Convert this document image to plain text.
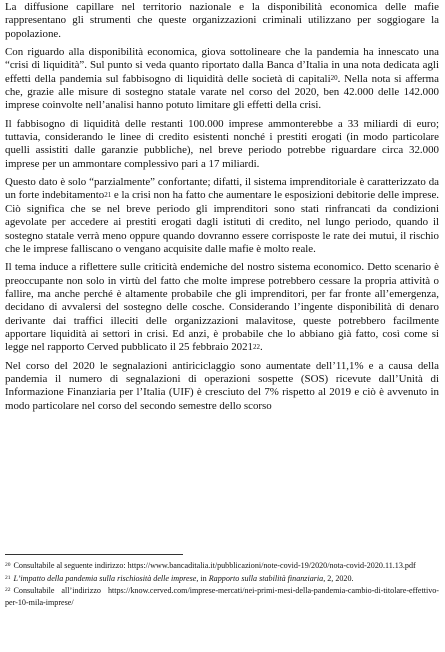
La diffusione capillare nel territorio nazionale e la disponibilità economica delle mafie rappresentano gli strumenti che queste organizzazioni criminali utilizzano per soggiogare la popolazione.

Con riguardo alla disponibilità economica, giova sottolineare che la pandemia ha innescato una “crisi di liquidità”. Sul punto si veda quanto riportato dalla Banca d’Italia in una nota dedicata agli effetti della pandemia sul fabbisogno di liquidità delle società di capitali$^{20}$. Nella nota si afferma che, grazie alle misure di sostegno statale varate nel corso del 2020, ben 42.000 delle 142.000 imprese coinvolte nell’analisi hanno potuto limitare gli effetti della crisi.

Il fabbisogno di liquidità delle restanti 100.000 imprese ammonterebbe a 33 miliardi di euro; tuttavia, considerando le linee di credito esistenti nonché i prestiti erogati (in modo particolare quelli assistiti dalle garanzie pubbliche), nel breve periodo potrebbe riguardare circa 32.000 imprese per un ammontare complessivo pari a 17 miliardi.

Questo dato è solo “parzialmente” confortante; difatti, il sistema imprenditoriale è caratterizzato da un forte indebitamento$^{21}$ e la crisi non ha fatto che aumentare le esposizioni debitorie delle imprese. Ciò significa che se nel breve periodo gli imprenditori sono stati rinfrancati da condizioni agevolate per accedere ai prestiti erogati dagli istituti di credito, nel lungo periodo, quando il sostegno statale verrà meno oppure quando dovranno essere corrisposte le rate dei mutui, il rischio che le imprese falliscano o vengano acquisite dalle mafie è molto reale.

Il tema induce a riflettere sulle criticità endemiche del nostro sistema economico. Detto scenario è preoccupante non solo in virtù del fatto che molte imprese potrebbero cessare la propria attività o fallire, ma anche perché è altamente probabile che gli imprenditori, per far fronte all’emergenza, decidano di avvalersi del sostegno delle cosche. Considerando l’ingente disponibilità di denaro derivante dai traffici illeciti delle organizzazioni malavitose, queste potrebbero facilmente apportare liquidità ai settori in crisi. Ed anzi, è probabile che lo abbiano già fatto, così come si legge nel rapporto Cerved pubblicato il 25 febbraio 2021$^{22}$.

Nel corso del 2020 le segnalazioni antiriciclaggio sono aumentate dell’11,1% e a causa della pandemia il numero di segnalazioni di operazioni sospette (SOS) ricevute dall’Unità di Informazione Finanziaria per l’Italia (UIF) è cresciuto del 7% rispetto al 2019 e ciò è avvenuto in modo particolare nel corso del secondo semestre dello scorso

$^{20}$ Consultabile al seguente indirizzo: https://www.bancaditalia.it/pubblicazioni/note-covid-19/2020/nota-covid-2020.11.13.pdf

$^{21}$ L’impatto della pandemia sulla rischiosità delle imprese, in Rapporto sulla stabilità finanziaria, 2, 2020.

$^{22}$ Consultabile all’indirizzo https://know.cerved.com/imprese-mercati/nei-primi-mesi-della-pandemia-cambio-di-titolare-effettivo-per-10-mila-imprese/
